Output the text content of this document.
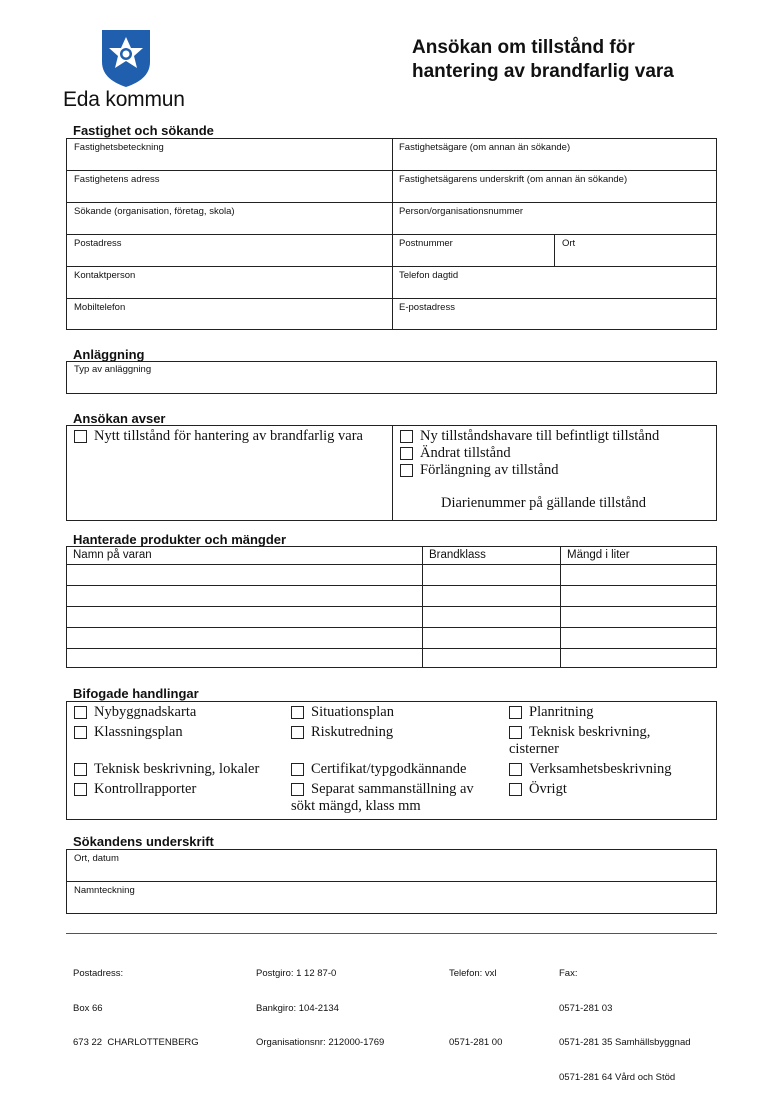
Eda kommun
Ansökan om tillstånd för
hantering av brandfarlig vara
Fastighet och sökande
Fastighetsbeteckning	Fastighetsägare (om annan än sökande)
Fastighetens adress	Fastighetsägarens underskrift (om annan än sökande)
Sökande (organisation, företag, skola)	Person/organisationsnummer
Postadress	Postnummer	Ort
Kontaktperson	Telefon dagtid
Mobiltelefon	E-postadress
Anläggning
Typ av anläggning
Ansökan avser
Nytt tillstånd för hantering av brandfarlig vara	Ny tillståndshavare till befintligt tillstånd
Ändrat tillstånd
Förlängning av tillstånd
Diarienummer på gällande tillstånd
Hanterade produkter och mängder
Namn på varan	Brandklass	Mängd i liter
Bifogade handlingar
Nybyggnadskarta
Klassningsplan
Teknisk beskrivning, lokaler
Kontrollrapporter
Situationsplan
Riskutredning
Certifikat/typgodkännande
Separat sammanställning av
sökt mängd, klass mm
Planritning
Teknisk beskrivning,
cisterner
Verksamhetsbeskrivning
Övrigt
Sökandens underskrift
Ort, datum
Namnteckning

Postadress:

Box 66

673 22  CHARLOTTENBERG

Postgiro: 1 12 87-0

Bankgiro: 104-2134

Organisationsnr: 212000-1769

Telefon: vxl

0571-281 00

Fax:

0571-281 03

0571-281 35 Samhällsbyggnad

0571-281 64 Vård och Stöd
